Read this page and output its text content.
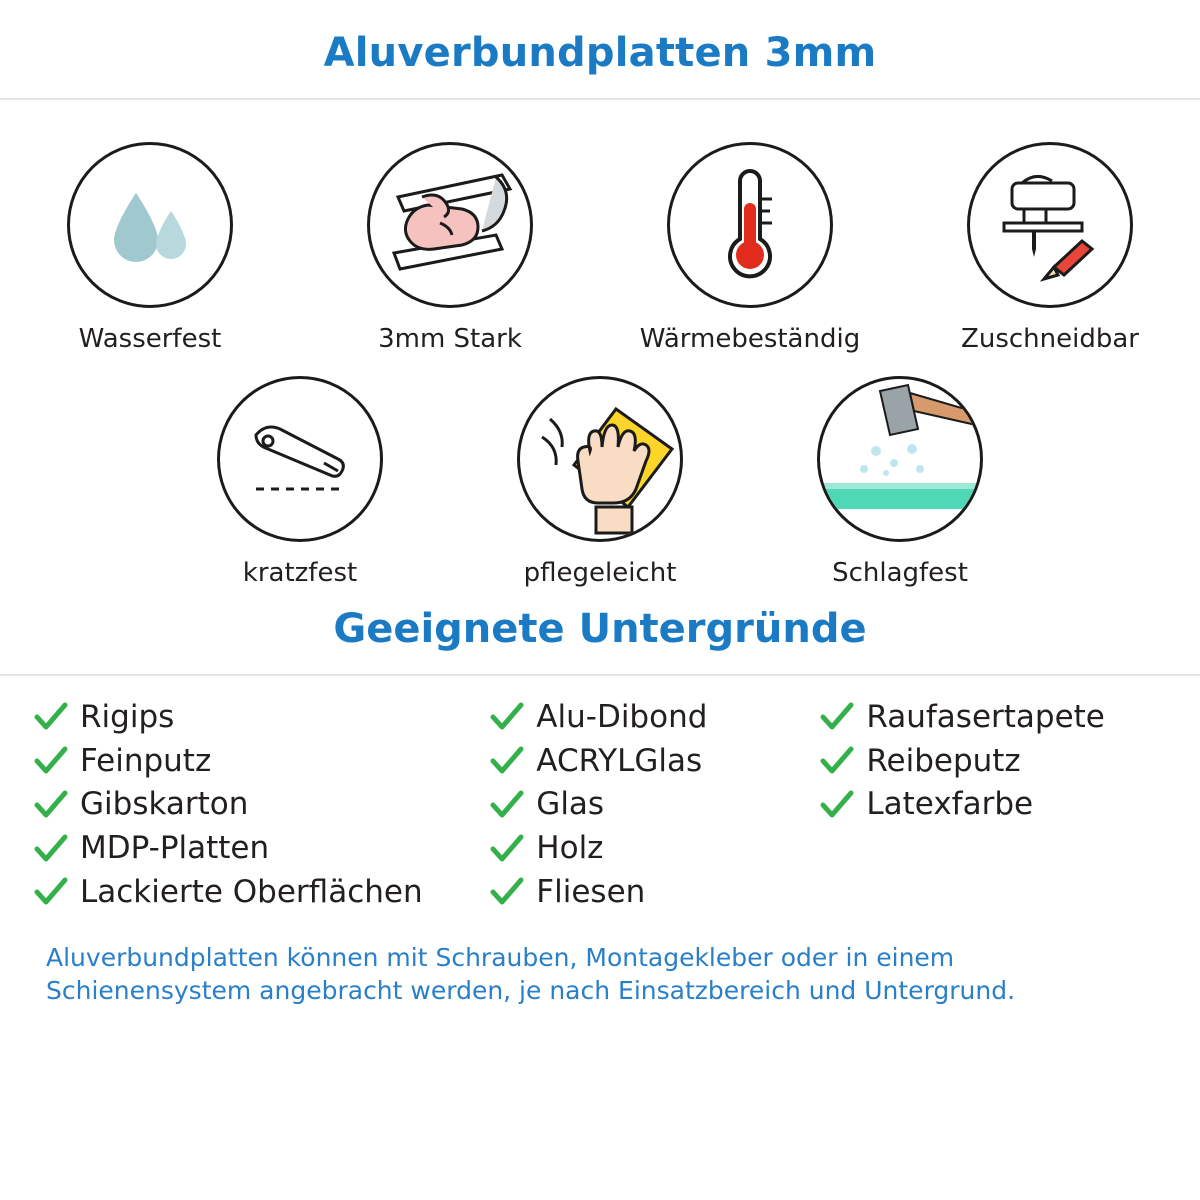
Aluverbundplatten 3mm
Wasserfest	3mm Stark	Wärmebeständig	Zuschneidbar
kratzfest	pflegeleicht	Schlagfest
Geeignete Untergründe
Rigips
Feinputz
Gibskarton
MDP-Platten
Lackierte Oberflächen
Alu-Dibond
ACRYLGlas
Glas
Holz
Fliesen
Raufasertapete
Reibeputz
Latexfarbe
Aluverbundplatten können mit Schrauben, Montagekleber oder in einem Schienensystem angebracht werden, je nach Einsatzbereich und Untergrund.
